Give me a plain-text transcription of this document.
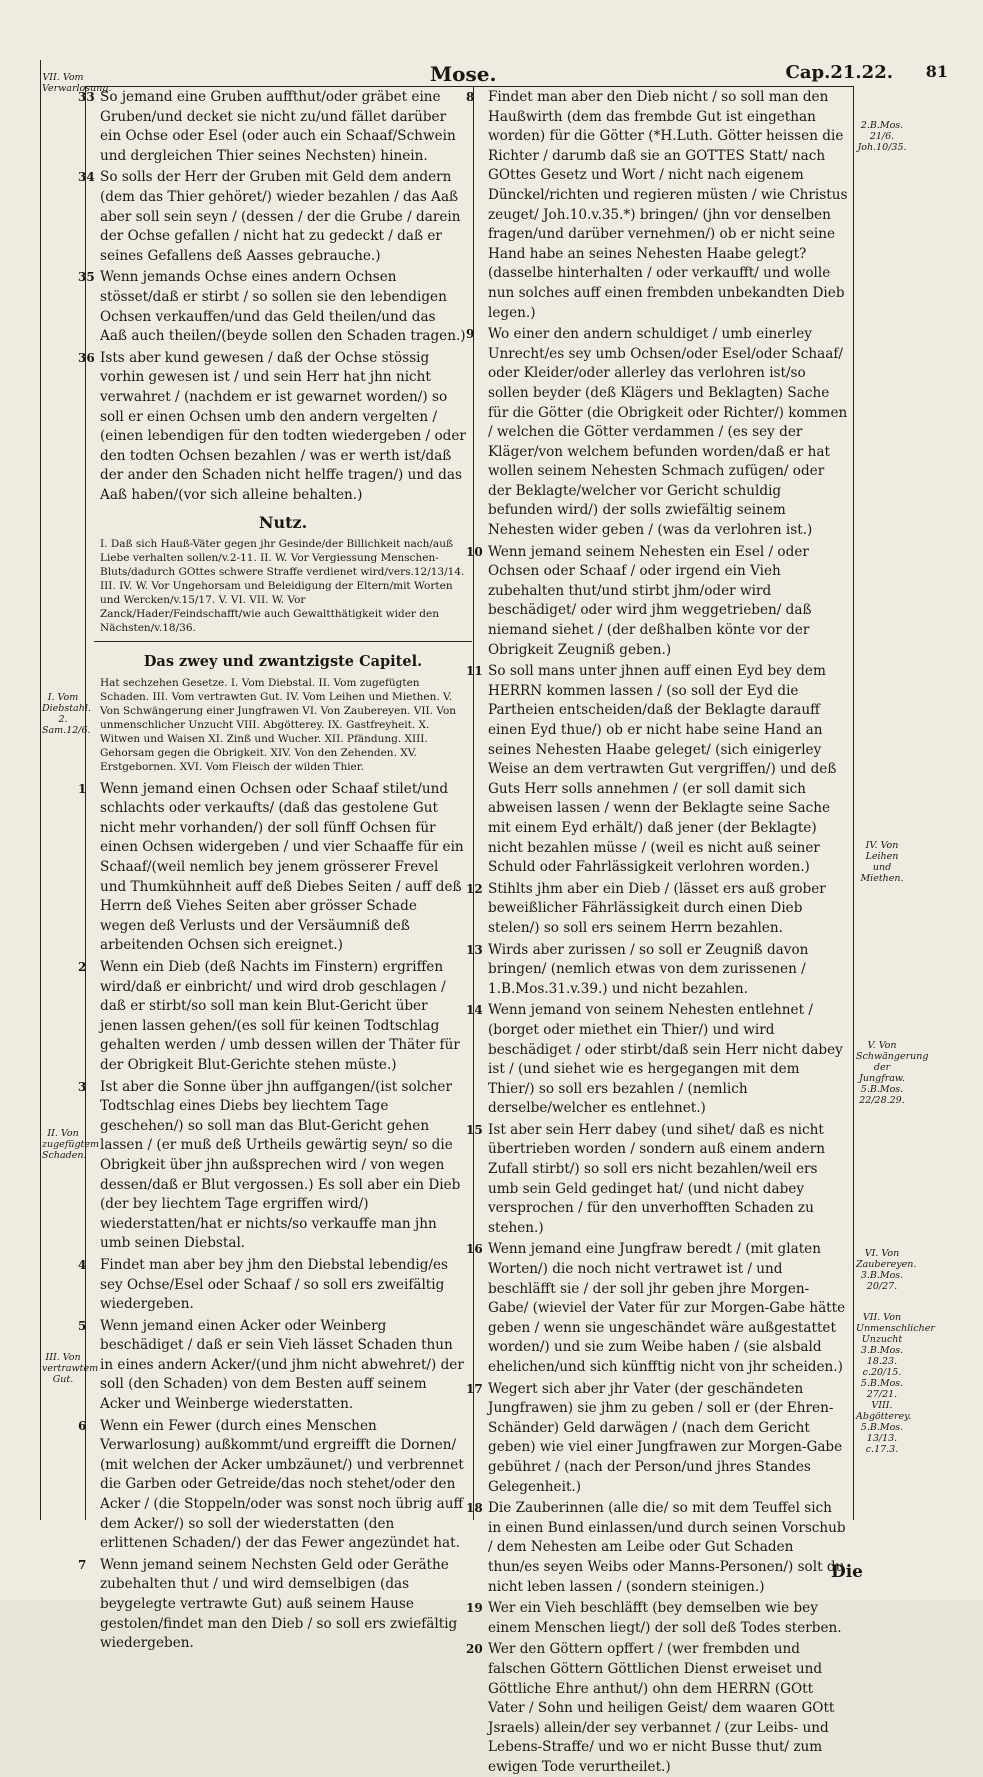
Mose.	Cap.21.22. 81
VII. Vom Verwarlosung.
I. Vom Diebstahl. 2. Sam.12/6.
II. Von zugefügtem Schaden.
III. Von vertrawtem Gut.
2.B.Mos. 21/6. Joh.10/35.
IV. Von Leihen und Miethen.
V. Von Schwängerung der Jungfraw. 5.B.Mos. 22/28.29.
VI. Von Zaubereyen. 3.B.Mos. 20/27.
VII. Von Unmenschlicher Unzucht 3.B.Mos. 18.23. c.20/15. 5.B.Mos. 27/21. VIII. Abgötterey. 5.B.Mos. 13/13. c.17.3.
33 So jemand eine Gruben auffthut/oder gräbet eine Gruben/und decket sie nicht zu/und fället darüber ein Ochse oder Esel (oder auch ein Schaaf/Schwein und dergleichen Thier seines Nechsten) hinein.
34 So solls der Herr der Gruben mit Geld dem andern (dem das Thier gehöret/) wieder bezahlen / das Aaß aber soll sein seyn / (dessen / der die Grube / darein der Ochse gefallen / nicht hat zu gedeckt / daß er seines Gefallens deß Aasses gebrauche.)
35 Wenn jemands Ochse eines andern Ochsen stösset/daß er stirbt / so sollen sie den lebendigen Ochsen verkauffen/und das Geld theilen/und das Aaß auch theilen/(beyde sollen den Schaden tragen.)
36 Ists aber kund gewesen / daß der Ochse stössig vorhin gewesen ist / und sein Herr hat jhn nicht verwahret / (nachdem er ist gewarnet worden/) so soll er einen Ochsen umb den andern vergelten / (einen lebendigen für den todten wiedergeben / oder den todten Ochsen bezahlen / was er werth ist/daß der ander den Schaden nicht helffe tragen/) und das Aaß haben/(vor sich alleine behalten.)
Nutz.

I. Daß sich Hauß-Väter gegen jhr Gesinde/der Billichkeit nach/auß Liebe verhalten sollen/v.2-11. II. W. Vor Vergiessung Menschen-Bluts/dadurch GOttes schwere Straffe verdienet wird/vers.12/13/14. III. IV. W. Vor Ungehorsam und Beleidigung der Eltern/mit Worten und Wercken/v.15/17. V. VI. VII. W. Vor Zanck/Hader/Feindschafft/wie auch Gewaltthätigkeit wider den Nächsten/v.18/36.

Das zwey und zwantzigste Capitel.

Hat sechzehen Gesetze. I. Vom Diebstal. II. Vom zugefügten Schaden. III. Vom vertrawten Gut. IV. Vom Leihen und Miethen. V. Von Schwängerung einer Jungfrawen VI. Von Zaubereyen. VII. Von unmenschlicher Unzucht VIII. Abgötterey. IX. Gastfreyheit. X. Witwen und Waisen XI. Zinß und Wucher. XII. Pfändung. XIII. Gehorsam gegen die Obrigkeit. XIV. Von den Zehenden. XV. Erstgebornen. XVI. Vom Fleisch der wilden Thier.

1 Wenn jemand einen Ochsen oder Schaaf stilet/und schlachts oder verkaufts/ (daß das gestolene Gut nicht mehr vorhanden/) der soll fünff Ochsen für einen Ochsen widergeben / und vier Schaaffe für ein Schaaf/(weil nemlich bey jenem grösserer Frevel und Thumkühnheit auff deß Diebes Seiten / auff deß Herrn deß Viehes Seiten aber grösser Schade wegen deß Verlusts und der Versäumniß deß arbeitenden Ochsen sich ereignet.)
2 Wenn ein Dieb (deß Nachts im Finstern) ergriffen wird/daß er einbricht/ und wird drob geschlagen / daß er stirbt/so soll man kein Blut-Gericht über jenen lassen gehen/(es soll für keinen Todtschlag gehalten werden / umb dessen willen der Thäter für der Obrigkeit Blut-Gerichte stehen müste.)
3 Ist aber die Sonne über jhn auffgangen/(ist solcher Todtschlag eines Diebs bey liechtem Tage geschehen/) so soll man das Blut-Gericht gehen lassen / (er muß deß Urtheils gewärtig seyn/ so die Obrigkeit über jhn außsprechen wird / von wegen dessen/daß er Blut vergossen.) Es soll aber ein Dieb (der bey liechtem Tage ergriffen wird/) wiederstatten/hat er nichts/so verkauffe man jhn umb seinen Diebstal.
4 Findet man aber bey jhm den Diebstal lebendig/es sey Ochse/Esel oder Schaaf / so soll ers zweifältig wiedergeben.
5 Wenn jemand einen Acker oder Weinberg beschädiget / daß er sein Vieh lässet Schaden thun in eines andern Acker/(und jhm nicht abwehret/) der soll (den Schaden) von dem Besten auff seinem Acker und Weinberge wiederstatten.
6 Wenn ein Fewer (durch eines Menschen Verwarlosung) außkommt/und ergreifft die Dornen/ (mit welchen der Acker umbzäunet/) und verbrennet die Garben oder Getreide/das noch stehet/oder den Acker / (die Stoppeln/oder was sonst noch übrig auff dem Acker/) so soll der wiederstatten (den erlittenen Schaden/) der das Fewer angezündet hat.
7 Wenn jemand seinem Nechsten Geld oder Geräthe zubehalten thut / und wird demselbigen (das beygelegte vertrawte Gut) auß seinem Hause gestolen/findet man den Dieb / so soll ers zwiefältig wiedergeben.
8 Findet man aber den Dieb nicht / so soll man den Haußwirth (dem das frembde Gut ist eingethan worden) für die Götter (*H.Luth. Götter heissen die Richter / darumb daß sie an GOTTES Statt/ nach GOttes Gesetz und Wort / nicht nach eigenem Dünckel/richten und regieren müsten / wie Christus zeuget/ Joh.10.v.35.*) bringen/ (jhn vor denselben fragen/und darüber vernehmen/) ob er nicht seine Hand habe an seines Nehesten Haabe gelegt? (dasselbe hinterhalten / oder verkaufft/ und wolle nun solches auff einen frembden unbekandten Dieb legen.)
9 Wo einer den andern schuldiget / umb einerley Unrecht/es sey umb Ochsen/oder Esel/oder Schaaf/ oder Kleider/oder allerley das verlohren ist/so sollen beyder (deß Klägers und Beklagten) Sache für die Götter (die Obrigkeit oder Richter/) kommen / welchen die Götter verdammen / (es sey der Kläger/von welchem befunden worden/daß er hat wollen seinem Nehesten Schmach zufügen/ oder der Beklagte/welcher vor Gericht schuldig befunden wird/) der solls zwiefältig seinem Nehesten wider geben / (was da verlohren ist.)
10 Wenn jemand seinem Nehesten ein Esel / oder Ochsen oder Schaaf / oder irgend ein Vieh zubehalten thut/und stirbt jhm/oder wird beschädiget/ oder wird jhm weggetrieben/ daß niemand siehet / (der deßhalben könte vor der Obrigkeit Zeugniß geben.)
11 So soll mans unter jhnen auff einen Eyd bey dem HERRN kommen lassen / (so soll der Eyd die Partheien entscheiden/daß der Beklagte darauff einen Eyd thue/) ob er nicht habe seine Hand an seines Nehesten Haabe geleget/ (sich einigerley Weise an dem vertrawten Gut vergriffen/) und deß Guts Herr solls annehmen / (er soll damit sich abweisen lassen / wenn der Beklagte seine Sache mit einem Eyd erhält/) daß jener (der Beklagte) nicht bezahlen müsse / (weil es nicht auß seiner Schuld oder Fahrlässigkeit verlohren worden.)
12 Stihlts jhm aber ein Dieb / (lässet ers auß grober beweißlicher Fährlässigkeit durch einen Dieb stelen/) so soll ers seinem Herrn bezahlen.
13 Wirds aber zurissen / so soll er Zeugniß davon bringen/ (nemlich etwas von dem zurissenen / 1.B.Mos.31.v.39.) und nicht bezahlen.
14 Wenn jemand von seinem Nehesten entlehnet / (borget oder miethet ein Thier/) und wird beschädiget / oder stirbt/daß sein Herr nicht dabey ist / (und siehet wie es hergegangen mit dem Thier/) so soll ers bezahlen / (nemlich derselbe/welcher es entlehnet.)
15 Ist aber sein Herr dabey (und sihet/ daß es nicht übertrieben worden / sondern auß einem andern Zufall stirbt/) so soll ers nicht bezahlen/weil ers umb sein Geld gedinget hat/ (und nicht dabey versprochen / für den unverhofften Schaden zu stehen.)
16 Wenn jemand eine Jungfraw beredt / (mit glaten Worten/) die noch nicht vertrawet ist / und beschläfft sie / der soll jhr geben jhre Morgen-Gabe/ (wieviel der Vater für zur Morgen-Gabe hätte geben / wenn sie ungeschändet wäre außgestattet worden/) und sie zum Weibe haben / (sie alsbald ehelichen/und sich künfftig nicht von jhr scheiden.)
17 Wegert sich aber jhr Vater (der geschändeten Jungfrawen) sie jhm zu geben / soll er (der Ehren-Schänder) Geld darwägen / (nach dem Gericht geben) wie viel einer Jungfrawen zur Morgen-Gabe gebühret / (nach der Person/und jhres Standes Gelegenheit.)
18 Die Zauberinnen (alle die/ so mit dem Teuffel sich in einen Bund einlassen/und durch seinen Vorschub / dem Nehesten am Leibe oder Gut Schaden thun/es seyen Weibs oder Manns-Personen/) solt du nicht leben lassen / (sondern steinigen.)
19 Wer ein Vieh beschläfft (bey demselben wie bey einem Menschen liegt/) der soll deß Todes sterben.
20 Wer den Göttern opffert / (wer frembden und falschen Göttern Göttlichen Dienst erweiset und Göttliche Ehre anthut/) ohn dem HERRN (GOtt Vater / Sohn und heiligen Geist/ dem waaren GOtt Jsraels) allein/der sey verbannet / (zur Leibs- und Lebens-Straffe/ und wo er nicht Busse thut/ zum ewigen Tode verurtheilet.)
Die
